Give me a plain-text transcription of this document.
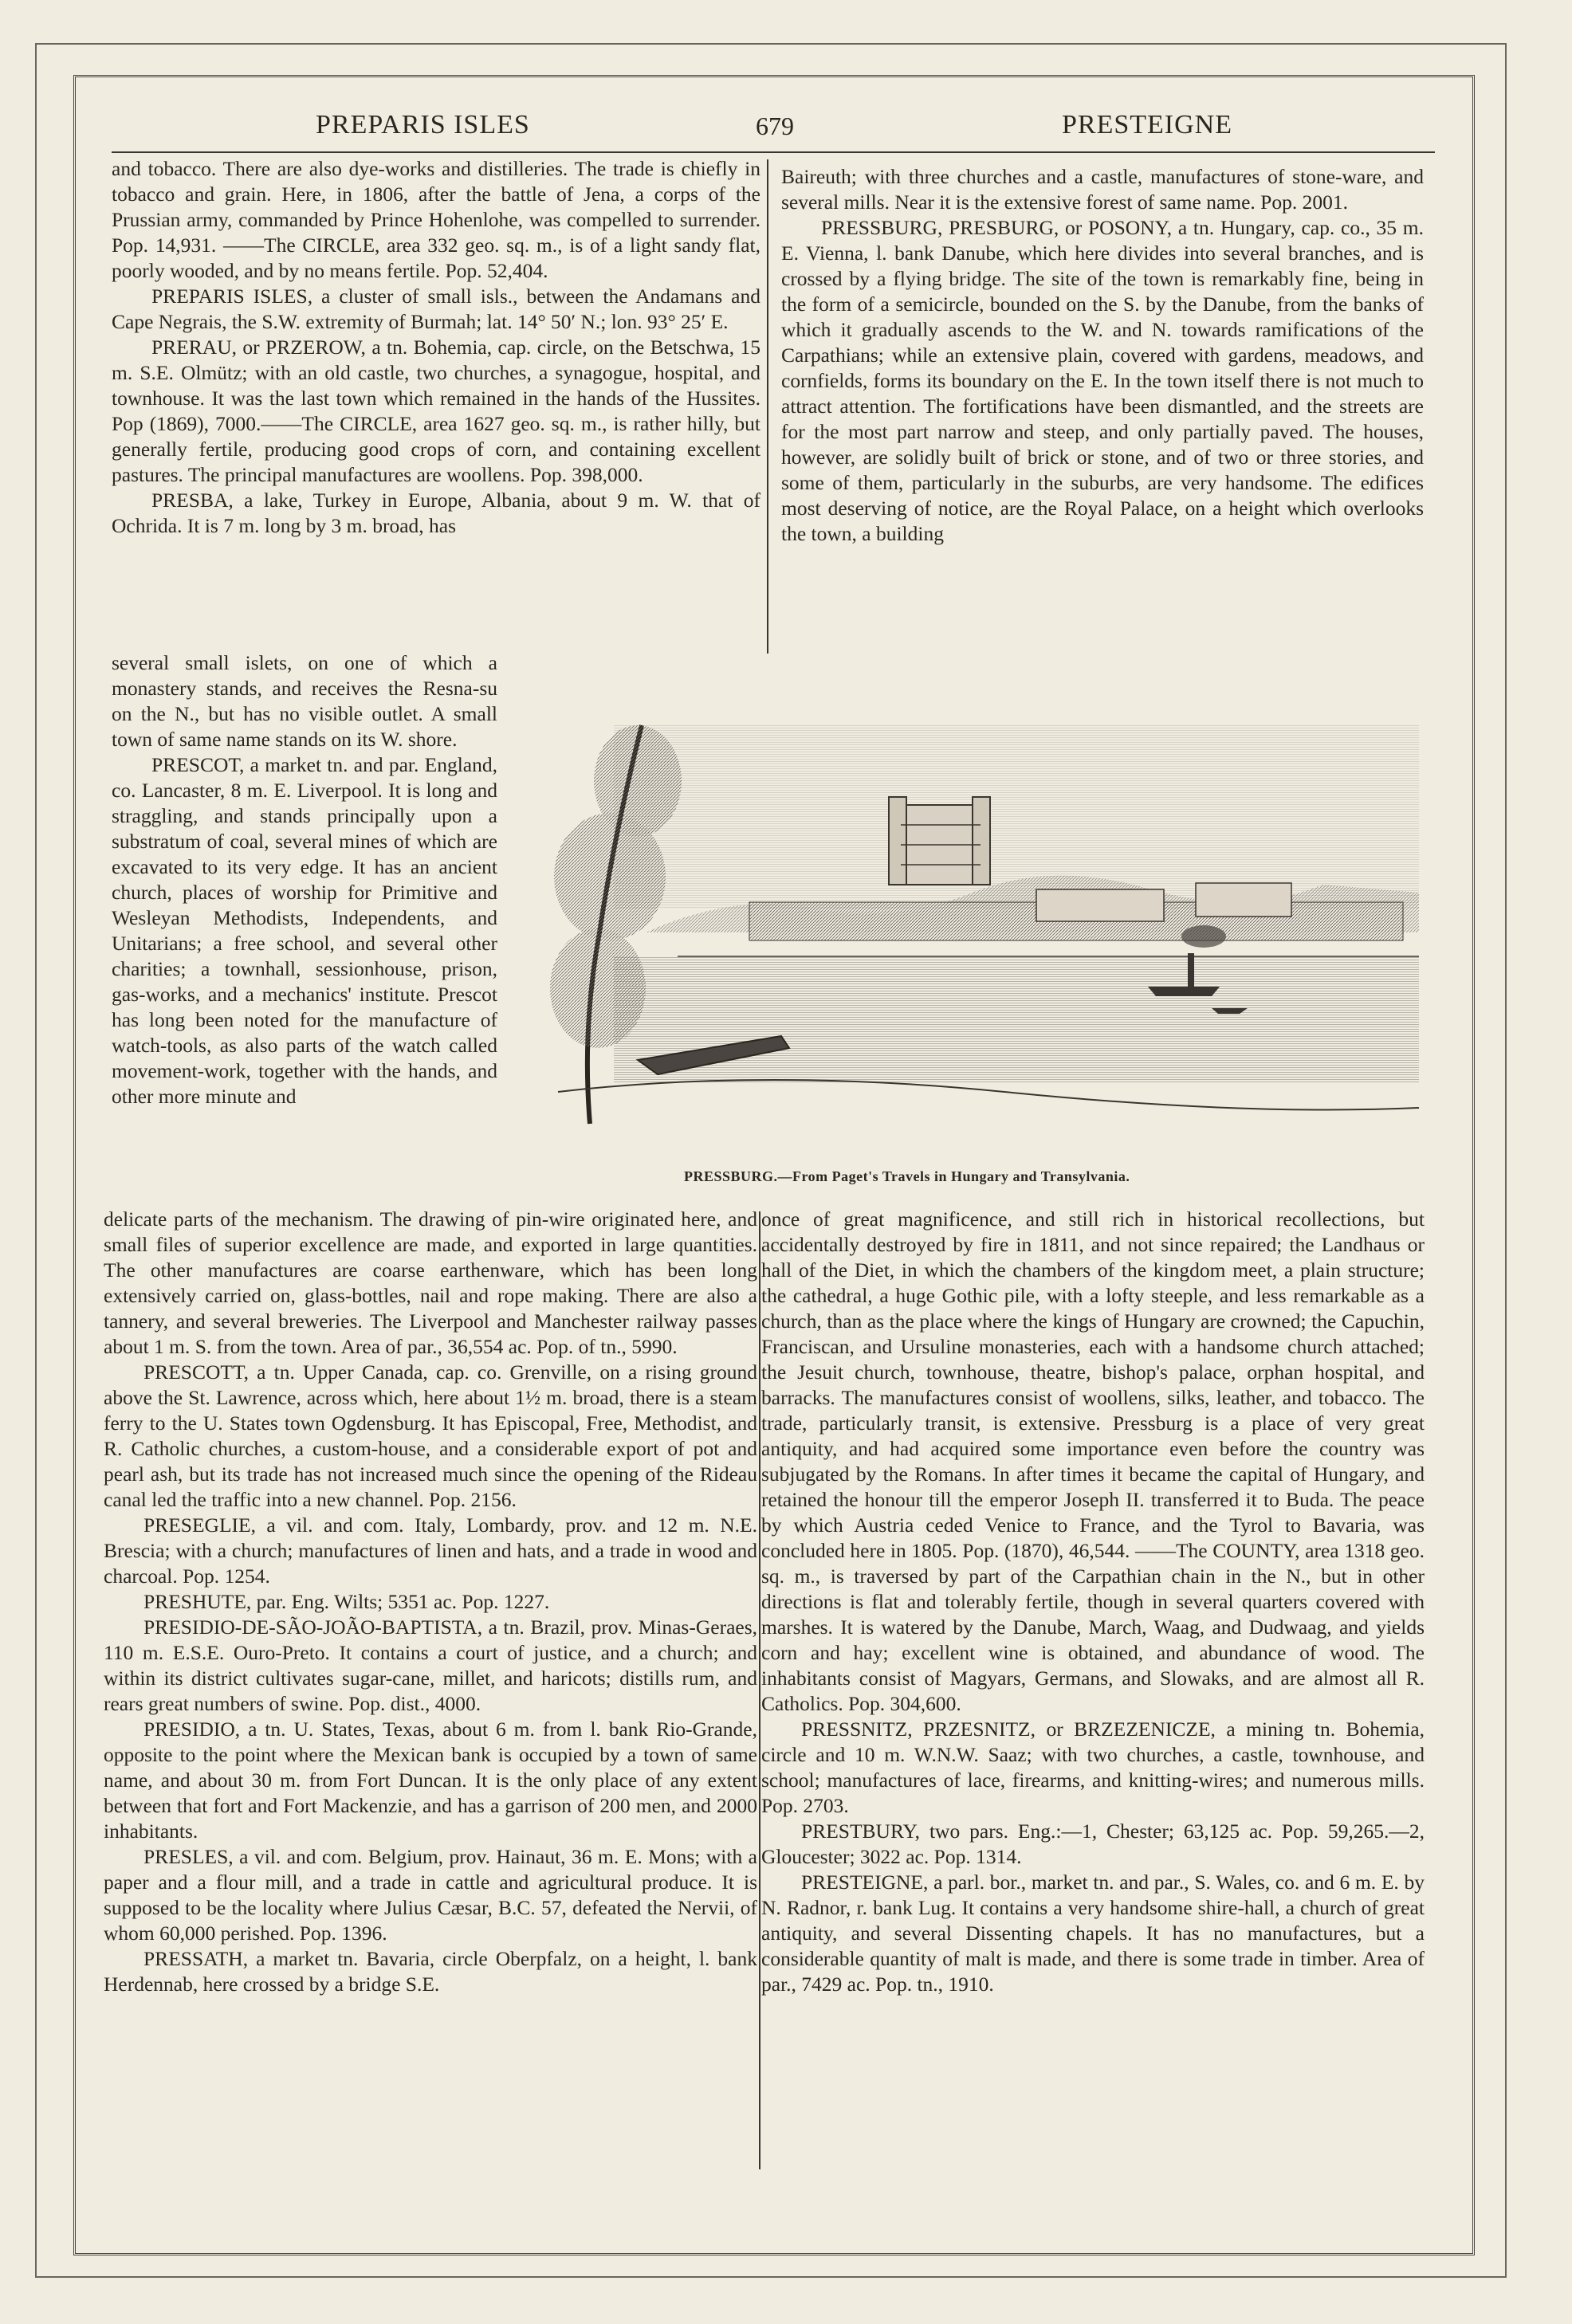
PREPARIS ISLES	679	PRESTEIGNE

and tobacco. There are also dye-works and distilleries. The trade is chiefly in tobacco and grain. Here, in 1806, after the battle of Jena, a corps of the Prussian army, commanded by Prince Hohenlohe, was compelled to surrender. Pop. 14,931. ——The CIRCLE, area 332 geo. sq. m., is of a light sandy flat, poorly wooded, and by no means fertile. Pop. 52,404.

PREPARIS ISLES, a cluster of small isls., between the Andamans and Cape Negrais, the S.W. extremity of Burmah; lat. 14° 50′ N.; lon. 93° 25′ E.

PRERAU, or PRZEROW, a tn. Bohemia, cap. circle, on the Betschwa, 15 m. S.E. Olmütz; with an old castle, two churches, a synagogue, hospital, and townhouse. It was the last town which remained in the hands of the Hussites. Pop (1869), 7000.——The CIRCLE, area 1627 geo. sq. m., is rather hilly, but generally fertile, producing good crops of corn, and containing excellent pastures. The principal manufactures are woollens. Pop. 398,000.

PRESBA, a lake, Turkey in Europe, Albania, about 9 m. W. that of Ochrida. It is 7 m. long by 3 m. broad, has

Baireuth; with three churches and a castle, manufactures of stone-ware, and several mills. Near it is the extensive forest of same name. Pop. 2001.

PRESSBURG, PRESBURG, or POSONY, a tn. Hungary, cap. co., 35 m. E. Vienna, l. bank Danube, which here divides into several branches, and is crossed by a flying bridge. The site of the town is remarkably fine, being in the form of a semicircle, bounded on the S. by the Danube, from the banks of which it gradually ascends to the W. and N. towards ramifications of the Carpathians; while an extensive plain, covered with gardens, meadows, and cornfields, forms its boundary on the E. In the town itself there is not much to attract attention. The fortifications have been dismantled, and the streets are for the most part narrow and steep, and only partially paved. The houses, however, are solidly built of brick or stone, and of two or three stories, and some of them, particularly in the suburbs, are very handsome. The edifices most deserving of notice, are the Royal Palace, on a height which overlooks the town, a building

several small islets, on one of which a monastery stands, and receives the Resna-su on the N., but has no visible outlet. A small town of same name stands on its W. shore.

PRESCOT, a market tn. and par. England, co. Lancaster, 8 m. E. Liverpool. It is long and straggling, and stands principally upon a substratum of coal, several mines of which are excavated to its very edge. It has an ancient church, places of worship for Primitive and Wesleyan Methodists, Independents, and Unitarians; a free school, and several other charities; a townhall, sessionhouse, prison, gas-works, and a mechanics' institute. Prescot has long been noted for the manufacture of watch-tools, as also parts of the watch called movement-work, together with the hands, and other more minute and

PRESSBURG.—From Paget's Travels in Hungary and Transylvania.

delicate parts of the mechanism. The drawing of pin-wire originated here, and small files of superior excellence are made, and exported in large quantities. The other manufactures are coarse earthenware, which has been long extensively carried on, glass-bottles, nail and rope making. There are also a tannery, and several breweries. The Liverpool and Manchester railway passes about 1 m. S. from the town. Area of par., 36,554 ac. Pop. of tn., 5990.

PRESCOTT, a tn. Upper Canada, cap. co. Grenville, on a rising ground above the St. Lawrence, across which, here about 1½ m. broad, there is a steam ferry to the U. States town Ogdensburg. It has Episcopal, Free, Methodist, and R. Catholic churches, a custom-house, and a considerable export of pot and pearl ash, but its trade has not increased much since the opening of the Rideau canal led the traffic into a new channel. Pop. 2156.

PRESEGLIE, a vil. and com. Italy, Lombardy, prov. and 12 m. N.E. Brescia; with a church; manufactures of linen and hats, and a trade in wood and charcoal. Pop. 1254.

PRESHUTE, par. Eng. Wilts; 5351 ac. Pop. 1227.

PRESIDIO-DE-SÃO-JOÃO-BAPTISTA, a tn. Brazil, prov. Minas-Geraes, 110 m. E.S.E. Ouro-Preto. It contains a court of justice, and a church; and within its district cultivates sugar-cane, millet, and haricots; distills rum, and rears great numbers of swine. Pop. dist., 4000.

PRESIDIO, a tn. U. States, Texas, about 6 m. from l. bank Rio-Grande, opposite to the point where the Mexican bank is occupied by a town of same name, and about 30 m. from Fort Duncan. It is the only place of any extent between that fort and Fort Mackenzie, and has a garrison of 200 men, and 2000 inhabitants.

PRESLES, a vil. and com. Belgium, prov. Hainaut, 36 m. E. Mons; with a paper and a flour mill, and a trade in cattle and agricultural produce. It is supposed to be the locality where Julius Cæsar, B.C. 57, defeated the Nervii, of whom 60,000 perished. Pop. 1396.

PRESSATH, a market tn. Bavaria, circle Oberpfalz, on a height, l. bank Herdennab, here crossed by a bridge S.E.

once of great magnificence, and still rich in historical recollections, but accidentally destroyed by fire in 1811, and not since repaired; the Landhaus or hall of the Diet, in which the chambers of the kingdom meet, a plain structure; the cathedral, a huge Gothic pile, with a lofty steeple, and less remarkable as a church, than as the place where the kings of Hungary are crowned; the Capuchin, Franciscan, and Ursuline monasteries, each with a handsome church attached; the Jesuit church, townhouse, theatre, bishop's palace, orphan hospital, and barracks. The manufactures consist of woollens, silks, leather, and tobacco. The trade, particularly transit, is extensive. Pressburg is a place of very great antiquity, and had acquired some importance even before the country was subjugated by the Romans. In after times it became the capital of Hungary, and retained the honour till the emperor Joseph II. transferred it to Buda. The peace by which Austria ceded Venice to France, and the Tyrol to Bavaria, was concluded here in 1805. Pop. (1870), 46,544. ——The COUNTY, area 1318 geo. sq. m., is traversed by part of the Carpathian chain in the N., but in other directions is flat and tolerably fertile, though in several quarters covered with marshes. It is watered by the Danube, March, Waag, and Dudwaag, and yields corn and hay; excellent wine is obtained, and abundance of wood. The inhabitants consist of Magyars, Germans, and Slowaks, and are almost all R. Catholics. Pop. 304,600.

PRESSNITZ, PRZESNITZ, or BRZEZENICZE, a mining tn. Bohemia, circle and 10 m. W.N.W. Saaz; with two churches, a castle, townhouse, and school; manufactures of lace, firearms, and knitting-wires; and numerous mills. Pop. 2703.

PRESTBURY, two pars. Eng.:—1, Chester; 63,125 ac. Pop. 59,265.—2, Gloucester; 3022 ac. Pop. 1314.

PRESTEIGNE, a parl. bor., market tn. and par., S. Wales, co. and 6 m. E. by N. Radnor, r. bank Lug. It contains a very handsome shire-hall, a church of great antiquity, and several Dissenting chapels. It has no manufactures, but a considerable quantity of malt is made, and there is some trade in timber. Area of par., 7429 ac. Pop. tn., 1910.
